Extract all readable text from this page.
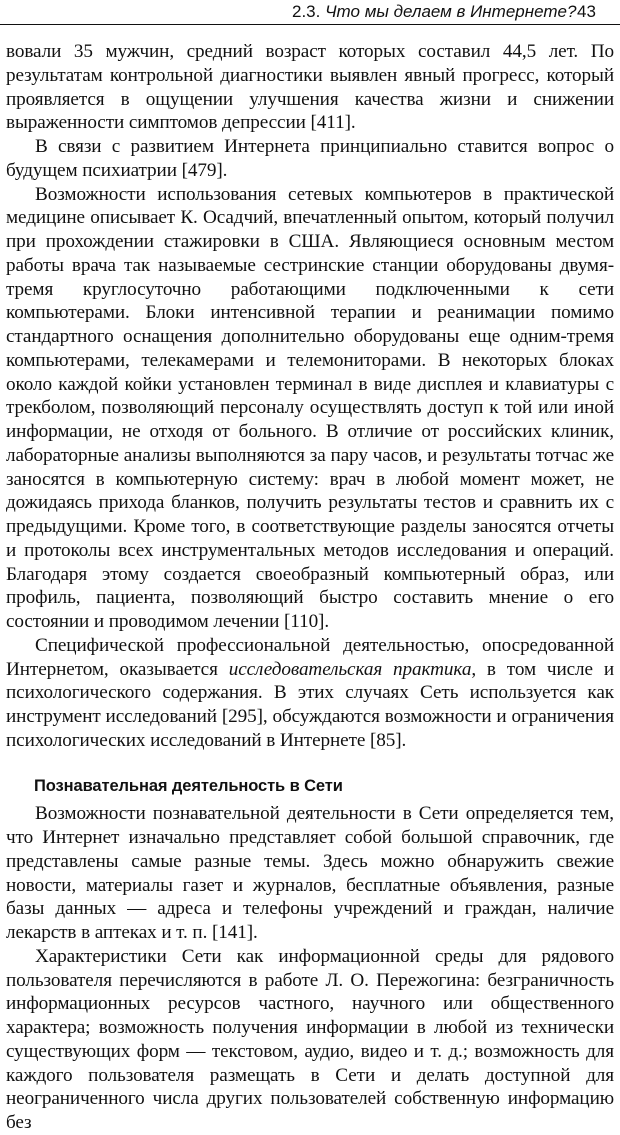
2.3. Что мы делаем в Интернете? 43

вовали 35 мужчин, средний возраст которых составил 44,5 лет. По результатам контрольной диагностики выявлен явный прогресс, который проявляется в ощущении улучшения качества жизни и снижении выраженности симптомов депрессии [411].

В связи с развитием Интернета принципиально ставится вопрос о будущем психиатрии [479].

Возможности использования сетевых компьютеров в практической медицине описывает К. Осадчий, впечатленный опытом, который получил при прохождении стажировки в США. Являющиеся основным местом работы врача так называемые сестринские станции оборудованы двумя-тремя круглосуточно работающими подключенными к сети компьютерами. Блоки интенсивной терапии и реанимации помимо стандартного оснащения дополнительно оборудованы еще одним-тремя компьютерами, телекамерами и телемониторами. В некоторых блоках около каждой койки установлен терминал в виде дисплея и клавиатуры с трекболом, позволяющий персоналу осуществлять доступ к той или иной информации, не отходя от больного. В отличие от российских клиник, лабораторные анализы выполняются за пару часов, и результаты тотчас же заносятся в компьютерную систему: врач в любой момент может, не дожидаясь прихода бланков, получить результаты тестов и сравнить их с предыдущими. Кроме того, в соответствующие разделы заносятся отчеты и протоколы всех инструментальных методов исследования и операций. Благодаря этому создается своеобразный компьютерный образ, или профиль, пациента, позволяющий быстро составить мнение о его состоянии и проводимом лечении [110].

Специфической профессиональной деятельностью, опосредованной Интернетом, оказывается исследовательская практика, в том числе и психологического содержания. В этих случаях Сеть используется как инструмент исследований [295], обсуждаются возможности и ограничения психологических исследований в Интернете [85].

Познавательная деятельность в Сети

Возможности познавательной деятельности в Сети определяется тем, что Интернет изначально представляет собой большой справочник, где представлены самые разные темы. Здесь можно обнаружить свежие новости, материалы газет и журналов, бесплатные объявления, разные базы данных — адреса и телефоны учреждений и граждан, наличие лекарств в аптеках и т. п. [141].

Характеристики Сети как информационной среды для рядового пользователя перечисляются в работе Л. О. Пережогина: безграничность информационных ресурсов частного, научного или общественного характера; возможность получения информации в любой из технически существующих форм — текстовом, аудио, видео и т. д.; возможность для каждого пользователя размещать в Сети и делать доступной для неограниченного числа других пользователей собственную информацию без
